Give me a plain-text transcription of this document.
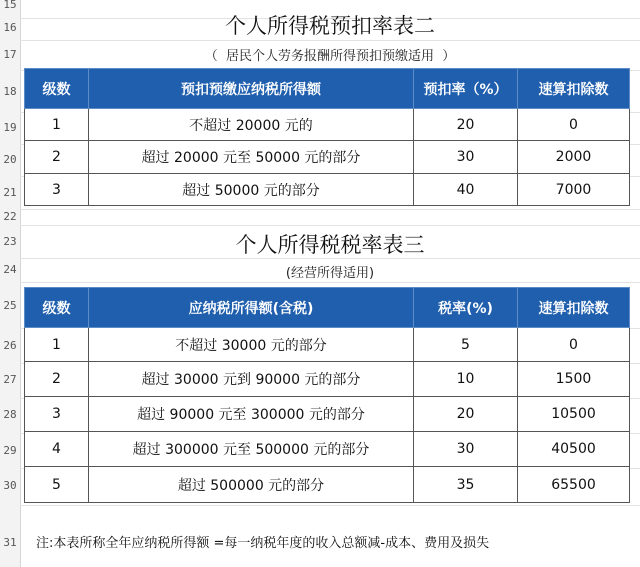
15
16
17
18
19
20
21
22
23
24
25
26
27
28
29
30
31
个人所得税预扣率表二
（  居民个人劳务报酬所得预扣预缴适用  ）
级数	预扣预缴应纳税所得额	预扣率（%）	速算扣除数
1	不超过 20000 元的	20	0
2	超过 20000 元至 50000 元的部分	30	2000
3	超过 50000 元的部分	40	7000
个人所得税税率表三
(经营所得适用)
级数	应纳税所得额(含税)	税率(%)	速算扣除数
1	不超过 30000 元的部分	5	0
2	超过 30000 元到 90000 元的部分	10	1500
3	超过 90000 元至 300000 元的部分	20	10500
4	超过 300000 元至 500000 元的部分	30	40500
5	超过 500000 元的部分	35	65500
注:本表所称全年应纳税所得额 =每一纳税年度的收入总额减-成本、费用及损失
